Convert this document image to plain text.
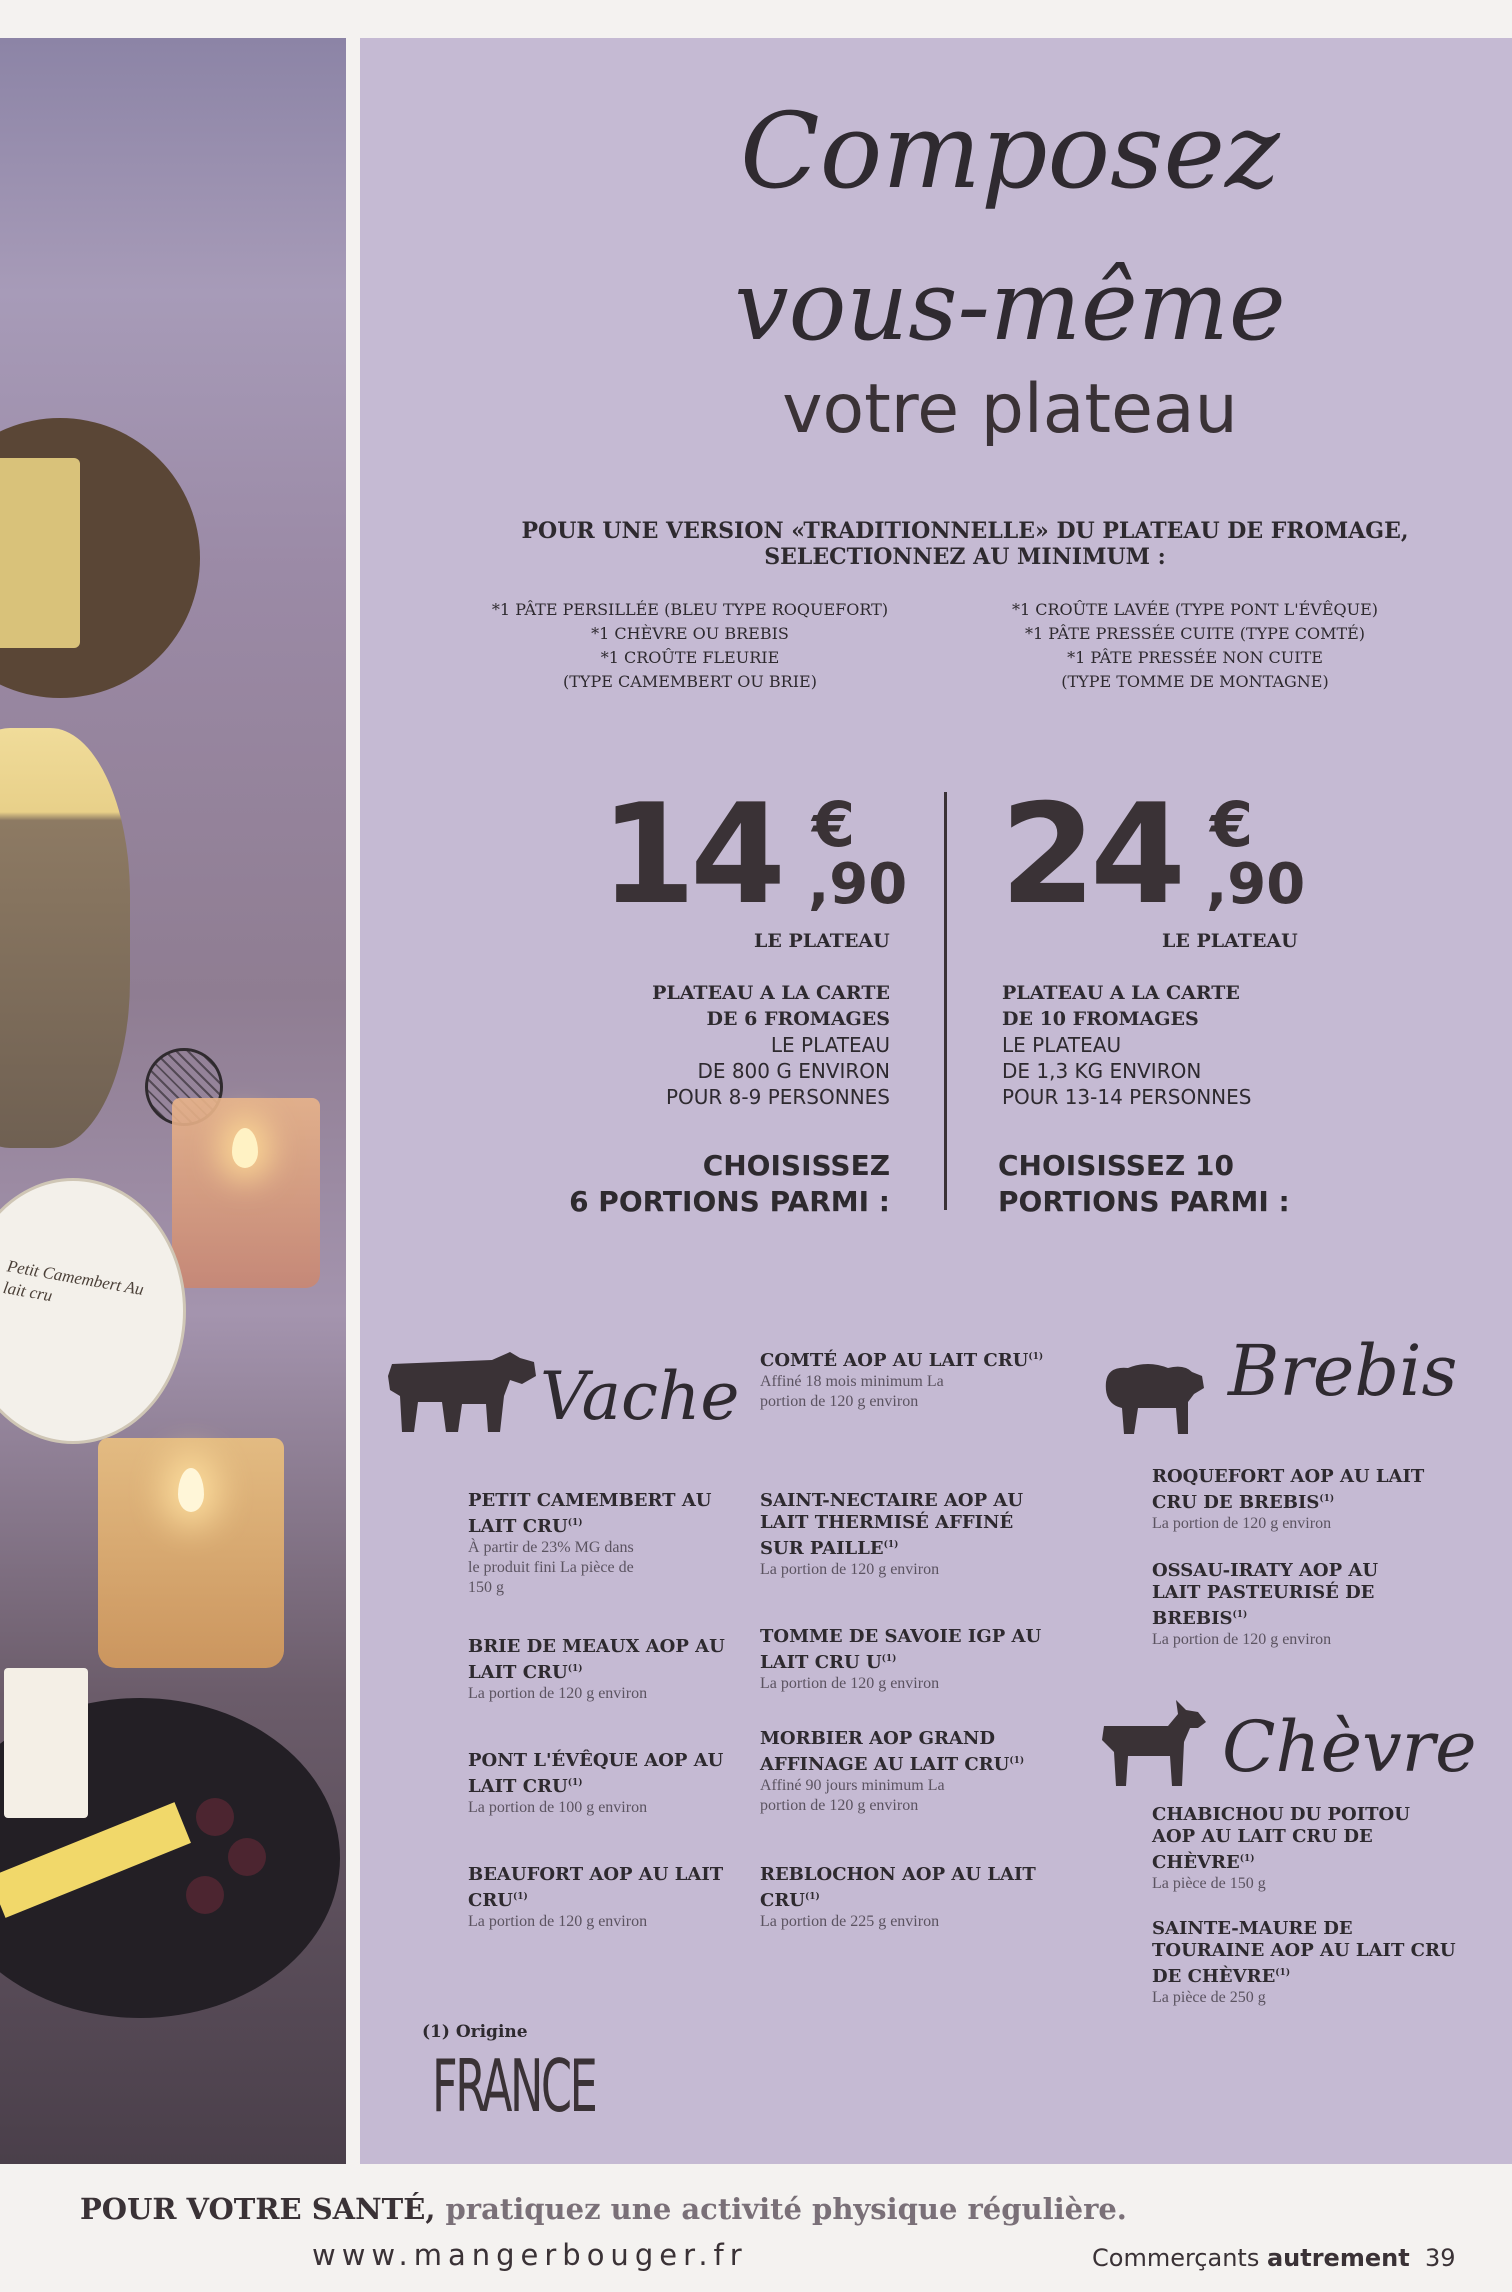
Petit Camembert Au lait cru
Composez
vous-même
votre plateau
POUR UNE VERSION «TRADITIONNELLE» DU PLATEAU DE FROMAGE,
SELECTIONNEZ AU MINIMUM :
*1 PÂTE PERSILLÉE (BLEU TYPE ROQUEFORT)
*1 CHÈVRE OU BREBIS
*1 CROÛTE FLEURIE
(TYPE CAMEMBERT OU BRIE)
*1 CROÛTE LAVÉE (TYPE PONT L'ÉVÊQUE)
*1 PÂTE PRESSÉE CUITE (TYPE COMTÉ)
*1 PÂTE PRESSÉE NON CUITE
(TYPE TOMME DE MONTAGNE)
14 €
,90 24 €
,90
LE PLATEAU	LE PLATEAU
PLATEAU A LA CARTE
DE 6 FROMAGES
LE PLATEAU
DE 800 G ENVIRON
POUR 8-9 PERSONNES
PLATEAU A LA CARTE
DE 10 FROMAGES
LE PLATEAU
DE 1,3 KG ENVIRON
POUR 13-14 PERSONNES
CHOISISSEZ
6 PORTIONS PARMI :
CHOISISSEZ 10
PORTIONS PARMI :
Vache	Brebis
Chèvre
PETIT CAMEMBERT AU LAIT CRU$^{(1)}$
À partir de 23% MG dans le produit fini La pièce de 150 g
BRIE DE MEAUX AOP AU LAIT CRU$^{(1)}$
La portion de 120 g environ
PONT L'ÉVÊQUE AOP AU LAIT CRU$^{(1)}$
La portion de 100 g environ
BEAUFORT AOP AU LAIT CRU$^{(1)}$
La portion de 120 g environ
COMTÉ AOP AU LAIT CRU$^{(1)}$
Affiné 18 mois minimum La portion de 120 g environ
SAINT-NECTAIRE AOP AU LAIT THERMISÉ AFFINÉ SUR PAILLE$^{(1)}$
La portion de 120 g environ
TOMME DE SAVOIE IGP AU LAIT CRU $U^{(1)}$
La portion de 120 g environ
MORBIER AOP GRAND AFFINAGE AU LAIT CRU$^{(1)}$
Affiné 90 jours minimum La portion de 120 g environ
REBLOCHON AOP AU LAIT CRU$^{(1)}$
La portion de 225 g environ
ROQUEFORT AOP AU LAIT CRU DE BREBIS$^{(1)}$
La portion de 120 g environ
OSSAU-IRATY AOP AU LAIT PASTEURISÉ DE BREBIS$^{(1)}$
La portion de 120 g environ
CHABICHOU DU POITOU AOP AU LAIT CRU DE CHÈVRE$^{(1)}$
La pièce de 150 g
SAINTE-MAURE DE TOURAINE AOP AU LAIT CRU DE CHÈVRE$^{(1)}$
La pièce de 250 g
(1) Origine
FRANCE
POUR VOTRE SANTÉ, pratiquez une activité physique régulière.
www.mangerbouger.fr	Commerçants autrement 39
